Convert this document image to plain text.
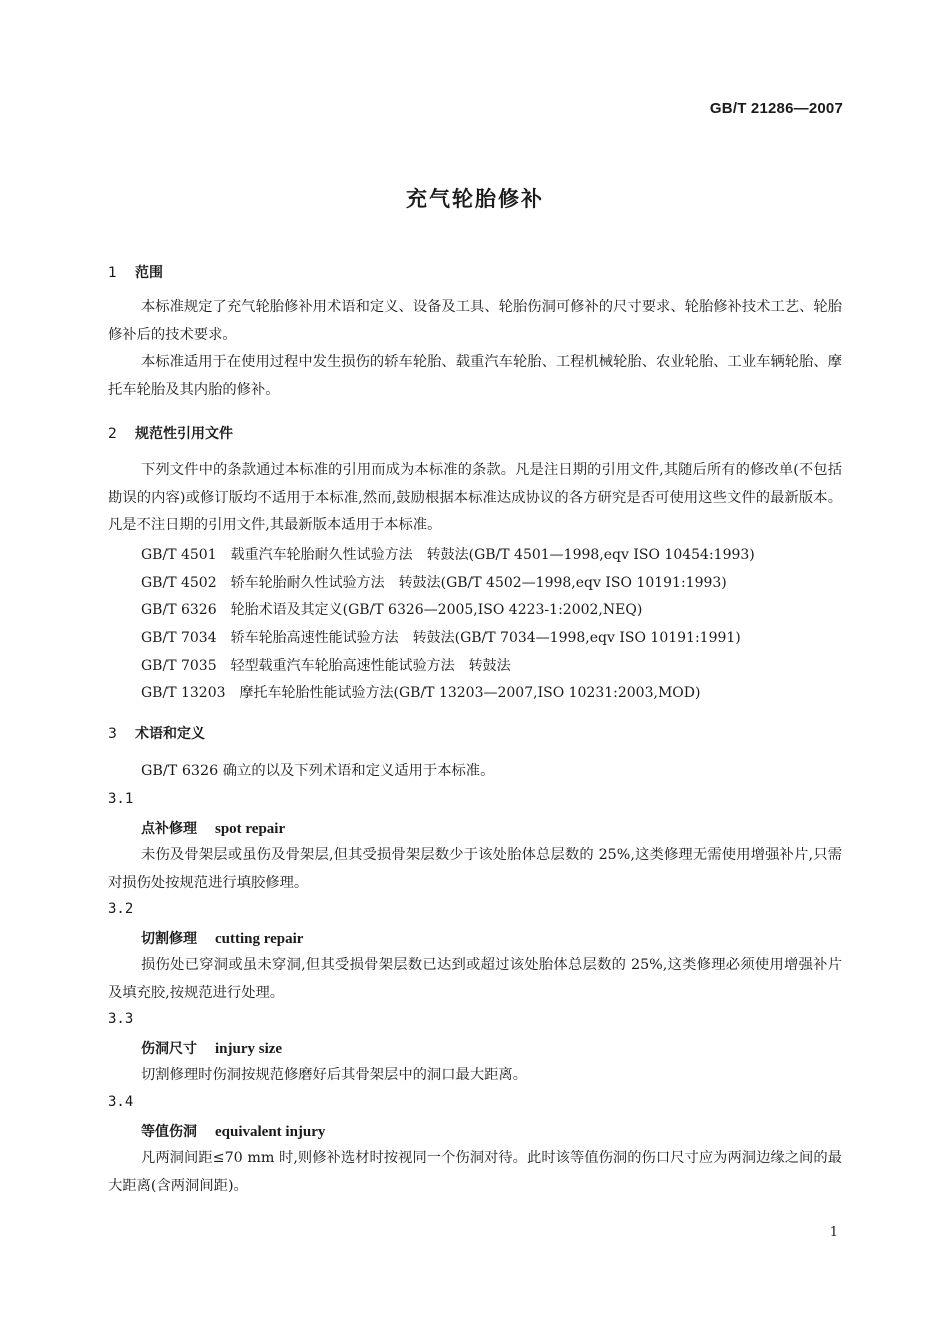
GB/T 21286—2007
充气轮胎修补
1 范围
本标准规定了充气轮胎修补用术语和定义、设备及工具、轮胎伤洞可修补的尺寸要求、轮胎修补技术工艺、轮胎修补后的技术要求。
本标准适用于在使用过程中发生损伤的轿车轮胎、载重汽车轮胎、工程机械轮胎、农业轮胎、工业车辆轮胎、摩托车轮胎及其内胎的修补。
2 规范性引用文件
下列文件中的条款通过本标准的引用而成为本标准的条款。凡是注日期的引用文件,其随后所有的修改单(不包括勘误的内容)或修订版均不适用于本标准,然而,鼓励根据本标准达成协议的各方研究是否可使用这些文件的最新版本。凡是不注日期的引用文件,其最新版本适用于本标准。
GB/T 4501 载重汽车轮胎耐久性试验方法　转鼓法(GB/T 4501—1998,eqv ISO 10454:1993)
GB/T 4502 轿车轮胎耐久性试验方法　转鼓法(GB/T 4502—1998,eqv ISO 10191:1993)
GB/T 6326 轮胎术语及其定义(GB/T 6326—2005,ISO 4223-1:2002,NEQ)
GB/T 7034 轿车轮胎高速性能试验方法　转鼓法(GB/T 7034—1998,eqv ISO 10191:1991)
GB/T 7035 轻型载重汽车轮胎高速性能试验方法　转鼓法
GB/T 13203 摩托车轮胎性能试验方法(GB/T 13203—2007,ISO 10231:2003,MOD)
3 术语和定义
GB/T 6326 确立的以及下列术语和定义适用于本标准。
3.1
点补修理 spot repair
未伤及骨架层或虽伤及骨架层,但其受损骨架层数少于该处胎体总层数的 25%,这类修理无需使用增强补片,只需对损伤处按规范进行填胶修理。
3.2
切割修理 cutting repair
损伤处已穿洞或虽未穿洞,但其受损骨架层数已达到或超过该处胎体总层数的 25%,这类修理必须使用增强补片及填充胶,按规范进行处理。
3.3
伤洞尺寸 injury size
切割修理时伤洞按规范修磨好后其骨架层中的洞口最大距离。
3.4
等值伤洞 equivalent injury
凡两洞间距≤70 mm 时,则修补选材时按视同一个伤洞对待。此时该等值伤洞的伤口尺寸应为两洞边缘之间的最大距离(含两洞间距)。
1
